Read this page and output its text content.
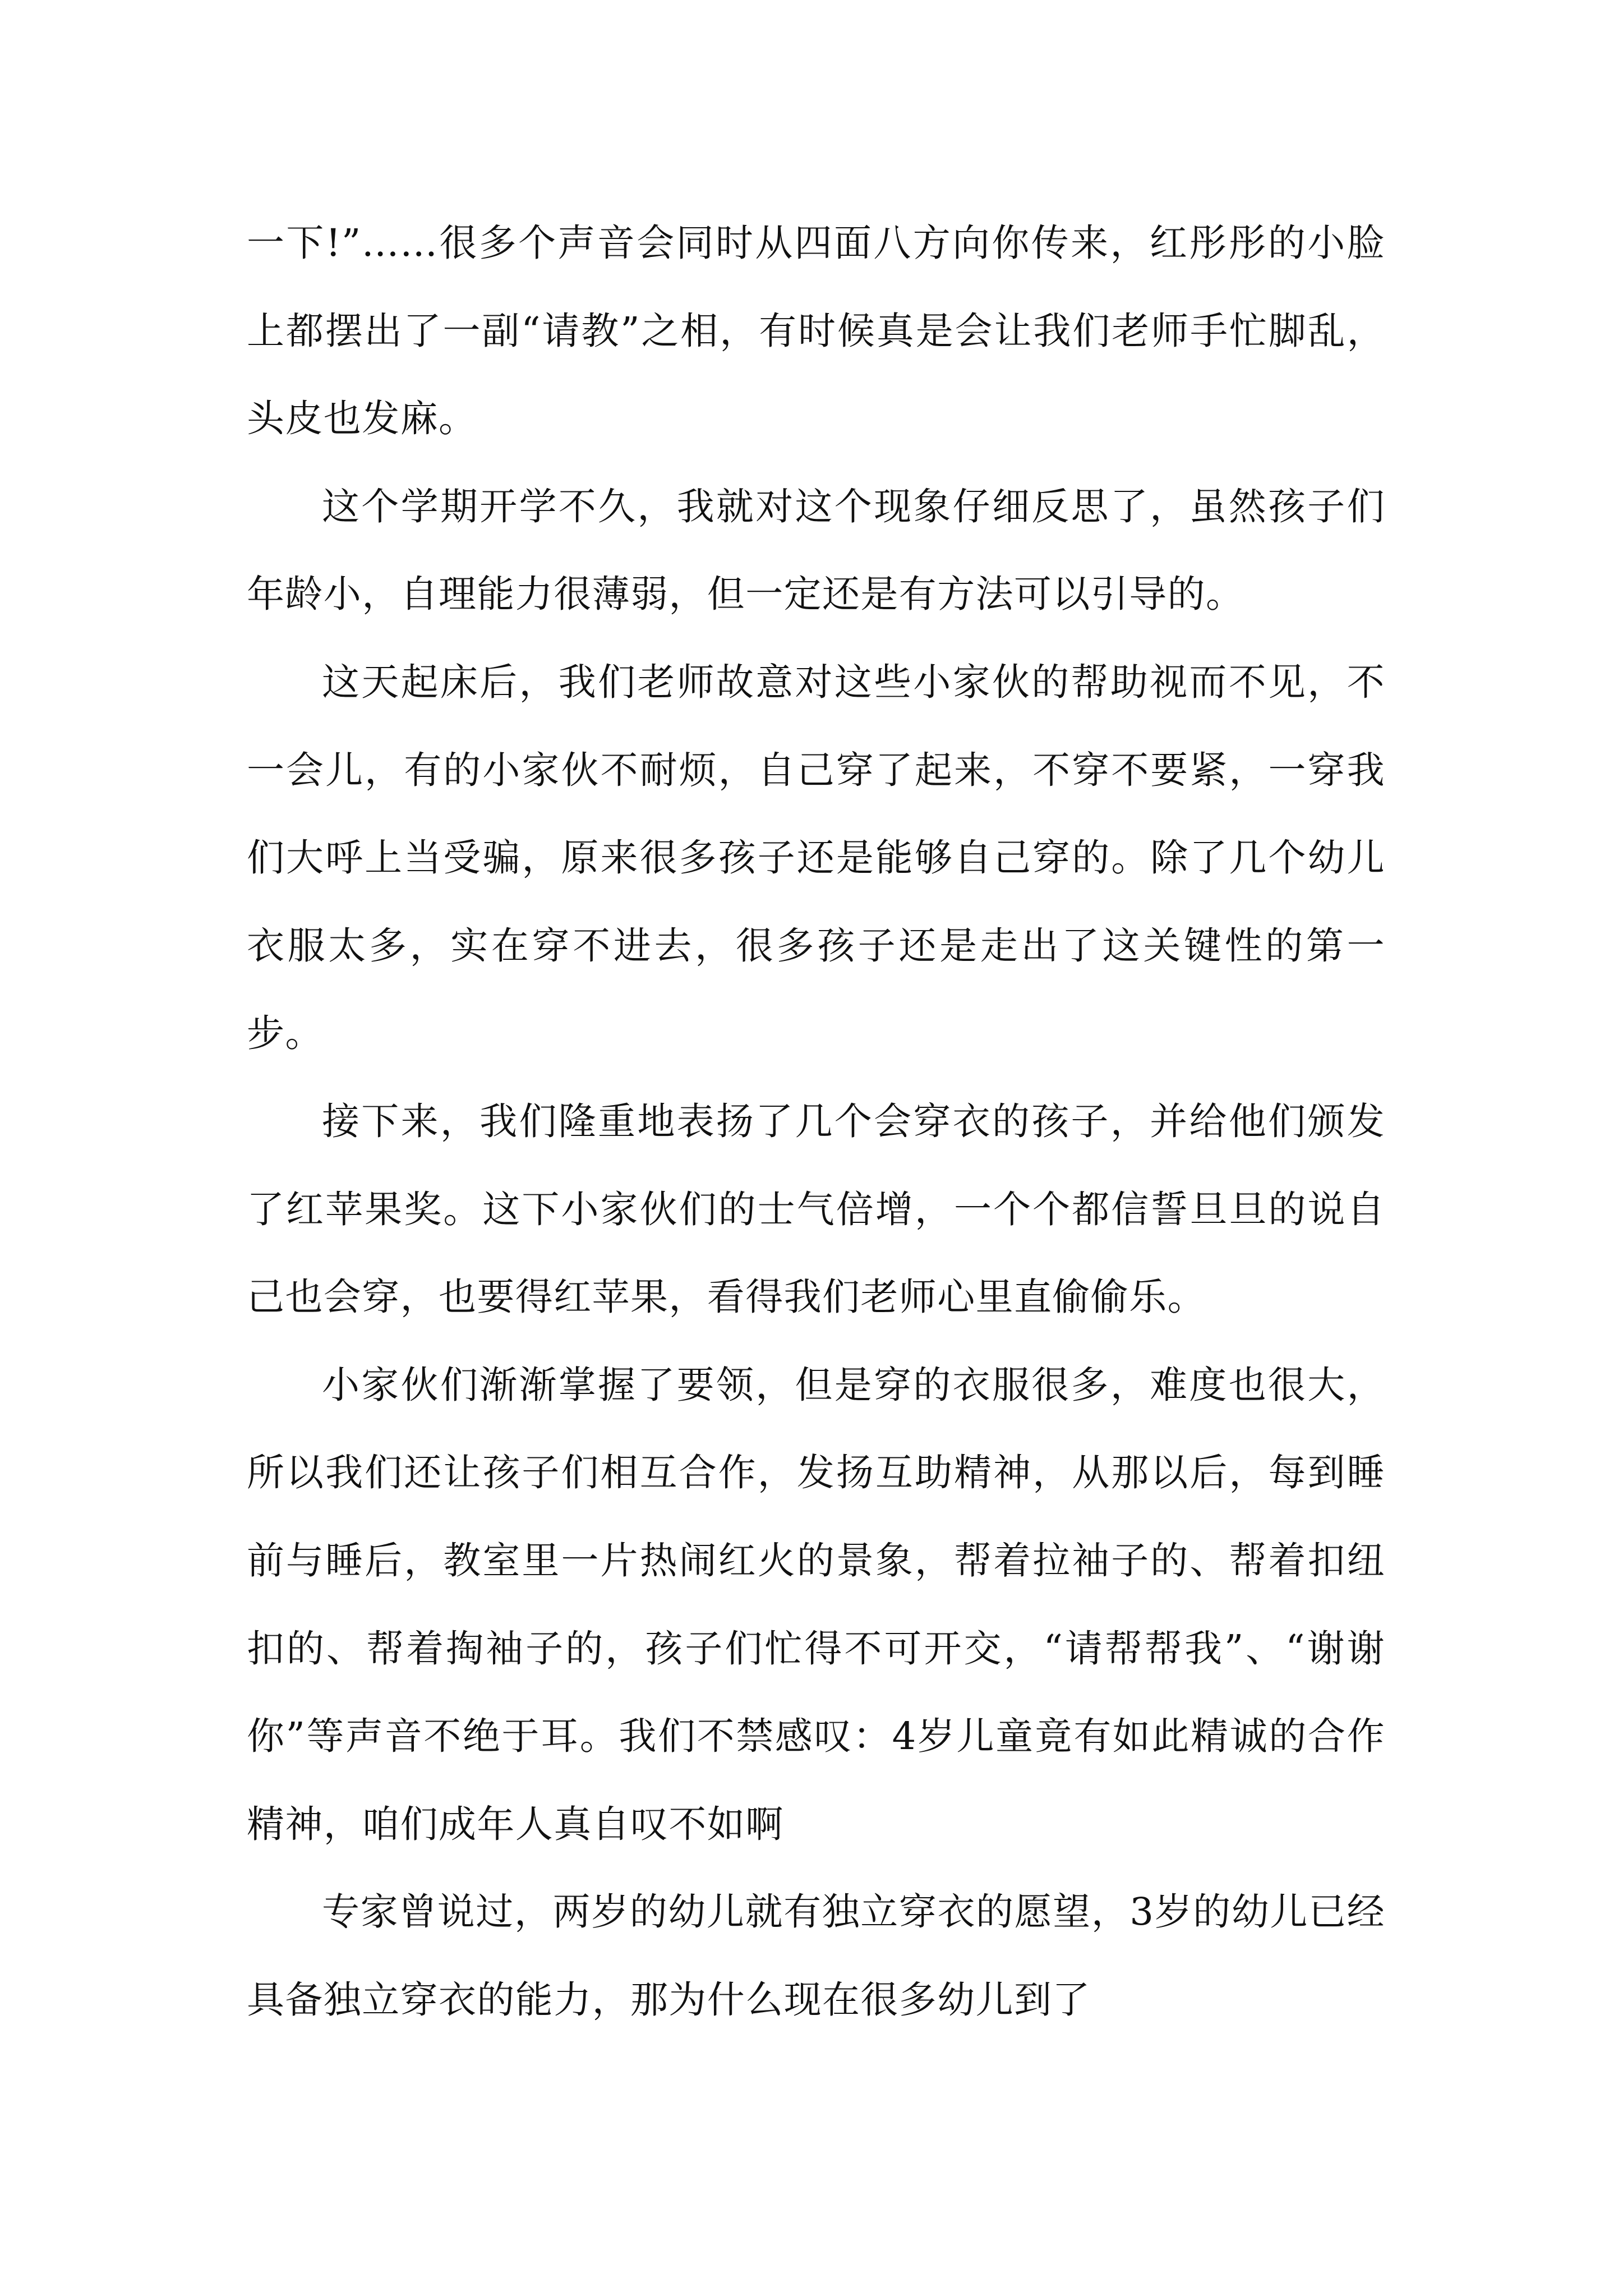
一下!”……很多个声音会同时从四面八方向你传来，红彤彤的小脸上都摆出了一副“请教”之相，有时候真是会让我们老师手忙脚乱，头皮也发麻。

这个学期开学不久，我就对这个现象仔细反思了，虽然孩子们年龄小，自理能力很薄弱，但一定还是有方法可以引导的。

这天起床后，我们老师故意对这些小家伙的帮助视而不见，不一会儿，有的小家伙不耐烦，自己穿了起来，不穿不要紧，一穿我们大呼上当受骗，原来很多孩子还是能够自己穿的。除了几个幼儿衣服太多，实在穿不进去，很多孩子还是走出了这关键性的第一步。

接下来，我们隆重地表扬了几个会穿衣的孩子，并给他们颁发了红苹果奖。这下小家伙们的士气倍增，一个个都信誓旦旦的说自己也会穿，也要得红苹果，看得我们老师心里直偷偷乐。

小家伙们渐渐掌握了要领，但是穿的衣服很多，难度也很大，所以我们还让孩子们相互合作，发扬互助精神，从那以后，每到睡前与睡后，教室里一片热闹红火的景象，帮着拉袖子的、帮着扣纽扣的、帮着掏袖子的，孩子们忙得不可开交，“请帮帮我”、“谢谢你”等声音不绝于耳。我们不禁感叹：4岁儿童竟有如此精诚的合作精神，咱们成年人真自叹不如啊

专家曾说过，两岁的幼儿就有独立穿衣的愿望，3岁的幼儿已经具备独立穿衣的能力，那为什么现在很多幼儿到了
